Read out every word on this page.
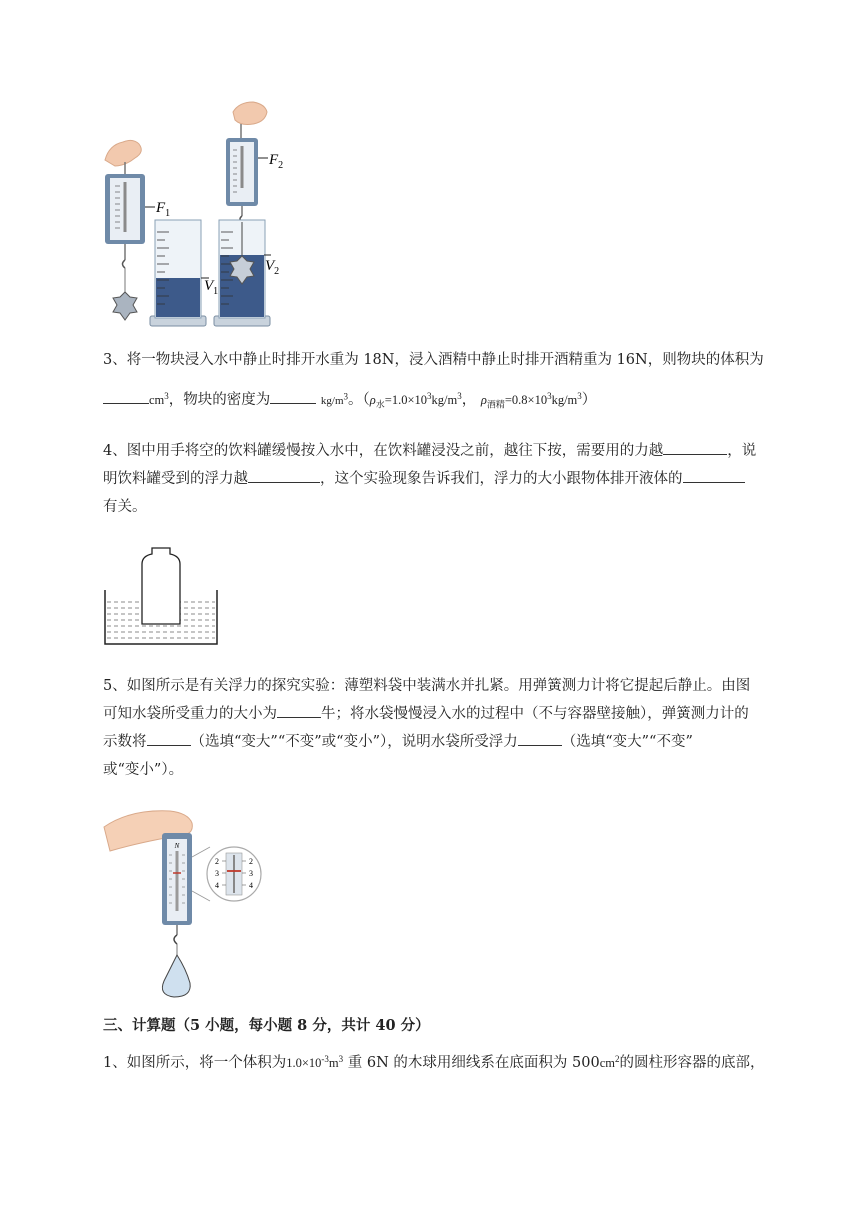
$F_1$
$V_1$
$F_2$
$V_2$
3、将一物块浸入水中静止时排开水重为 18N，浸入酒精中静止时排开酒精重为 16N，则物块的体积为
$cm^3$，物块的密度为	$kg/m^3$。（$\rho_水=1.0\times 10^3kg/m^3$， $\rho_{酒精}=0.8\times 10^3kg/m^3$）
4、图中用手将空的饮料罐缓慢按入水中，在饮料罐浸没之前，越往下按，需要用的力越	，说
明饮料罐受到的浮力越	，这个实验现象告诉我们，浮力的大小跟物体排开液体的
有关。
5、如图所示是有关浮力的探究实验：薄塑料袋中装满水并扎紧。用弹簧测力计将它提起后静止。由图
可知水袋所受重力的大小为	牛；将水袋慢慢浸入水的过程中（不与容器壁接触），弹簧测力计的
示数将	（选填“变大”“不变”或“变小”），说明水袋所受浮力	（选填“变大”“不变”
或“变小”）。
N
2
3
4
2
3
4
三、计算题（5 小题，每小题 8 分，共计 40 分）
1、如图所示，将一个体积为$1.0\times 10^{-3}m^3$ 重 6N 的木球用细线系在底面积为 $500cm^2$的圆柱形容器的底部，
